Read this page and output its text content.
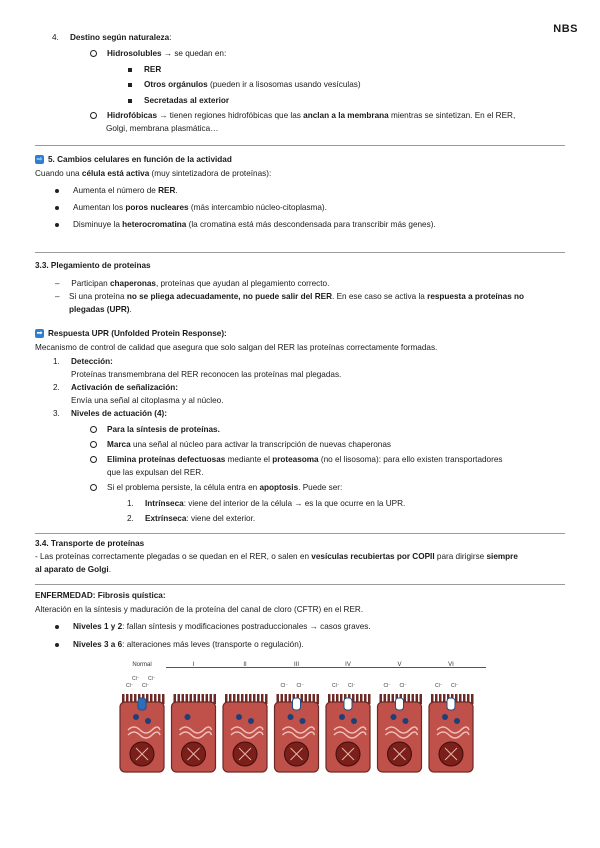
NBS
4. Destino según naturaleza:
Hidrosolubles → se quedan en:
RER
Otros orgánulos (pueden ir a lisosomas usando vesículas)
Secretadas al exterior
Hidrofóbicas → tienen regiones hidrofóbicas que las anclan a la membrana mientras se sintetizan. En el RER,
Golgi, membrana plasmática…
⇨ 5. Cambios celulares en función de la actividad
Cuando una célula está activa (muy sintetizadora de proteínas):
Aumenta el número de RER.
Aumentan los poros nucleares (más intercambio núcleo-citoplasma).
Disminuye la heterocromatina (la cromatina está más descondensada para transcribir más genes).
3.3. Plegamiento de proteínas
– Participan chaperonas, proteínas que ayudan al plegamiento correcto.
– Si una proteína no se pliega adecuadamente, no puede salir del RER. En ese caso se activa la respuesta a proteínas no
plegadas (UPR).
➡ Respuesta UPR (Unfolded Protein Response):
Mecanismo de control de calidad que asegura que solo salgan del RER las proteínas correctamente formadas.
1. Detección:
Proteínas transmembrana del RER reconocen las proteínas mal plegadas.
2. Activación de señalización:
Envía una señal al citoplasma y al núcleo.
3. Niveles de actuación (4):
Para la síntesis de proteínas.
Marca una señal al núcleo para activar la transcripción de nuevas chaperonas
Elimina proteínas defectuosas mediante el proteasoma (no el lisosoma): para ello existen transportadores
que las expulsan del RER.
Si el problema persiste, la célula entra en apoptosis. Puede ser:
1. Intrínseca: viene del interior de la célula → es la que ocurre en la UPR.
2. Extrínseca: viene del exterior.
3.4. Transporte de proteínas
- Las proteínas correctamente plegadas o se quedan en el RER, o salen en vesículas recubiertas por COPII para dirigirse siempre
al aparato de Golgi.
ENFERMEDAD: Fibrosis quística:
Alteración en la síntesis y maduración de la proteína del canal de cloro (CFTR) en el RER.
Niveles 1 y 2: fallan síntesis y modificaciones postraduccionales → casos graves.
Niveles 3 a 6: alteraciones más leves (transporte o regulación).
Normal	I	II	III	IV	V	VI
Cl⁻ Cl⁻
Cl⁻ Cl⁻
Cl⁻ Cl⁻	Cl⁻ Cl⁻	Cl⁻ Cl⁻	Cl⁻ Cl⁻
